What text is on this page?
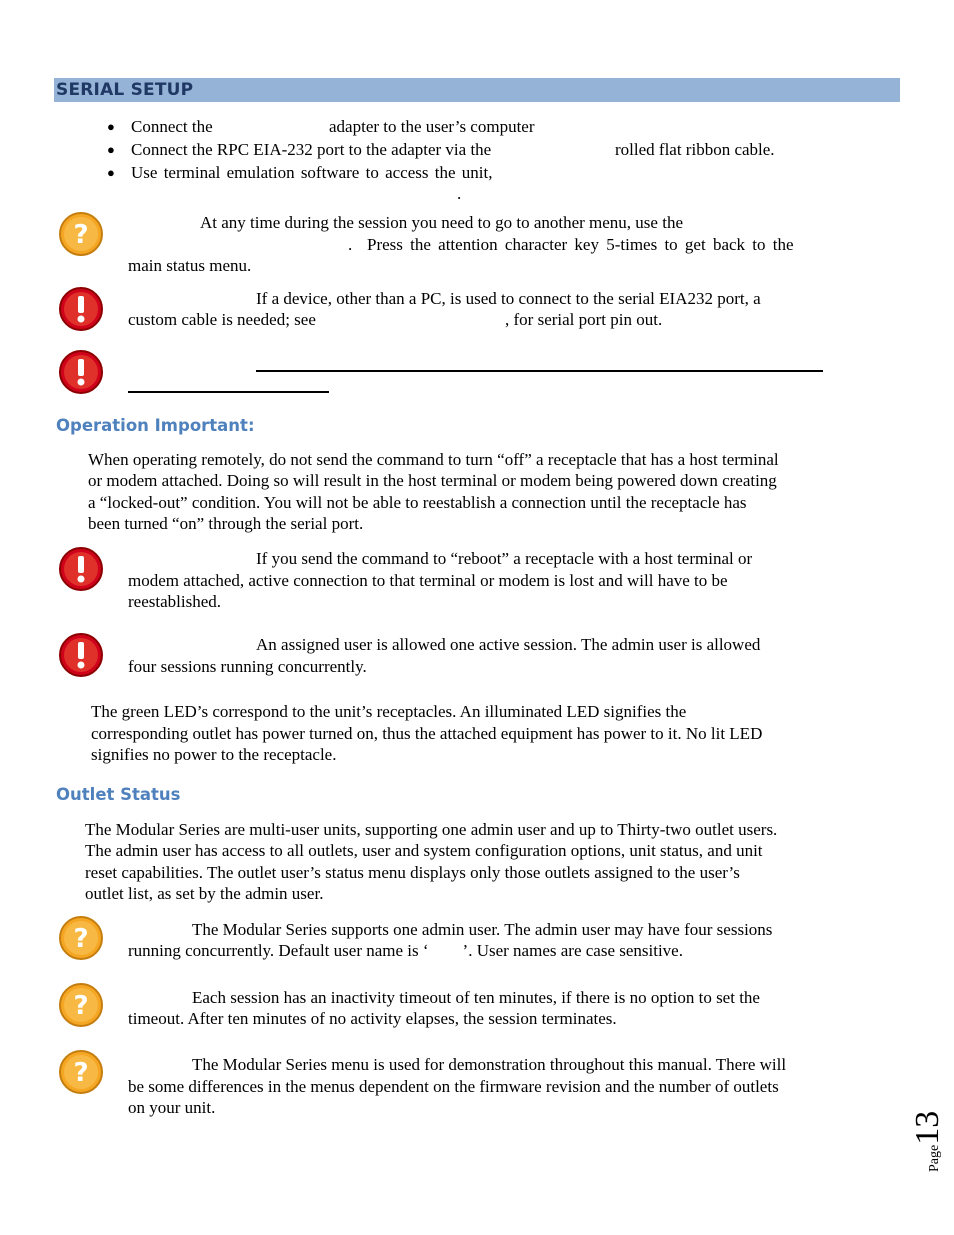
SERIAL SETUP
● Connect the	adapter to the user’s computer
● Connect the RPC EIA-232 port to the adapter via the	rolled flat ribbon cable.
● Use terminal emulation software to access the unit,
.
?	At any time during the session you need to go to another menu, use the
. Press the attention character key 5-times to get back to the
main status menu.
If a device, other than a PC, is used to connect to the serial EIA232 port, a
custom cable is needed; see	, for serial port pin out.
Operation Important:
When operating remotely, do not send the command to turn “off” a receptacle that has a host terminal
or modem attached. Doing so will result in the host terminal or modem being powered down creating
a “locked-out” condition. You will not be able to reestablish a connection until the receptacle has
been turned “on” through the serial port.
If you send the command to “reboot” a receptacle with a host terminal or
modem attached, active connection to that terminal or modem is lost and will have to be
reestablished.
An assigned user is allowed one active session. The admin user is allowed
four sessions running concurrently.
The green LED’s correspond to the unit’s receptacles. An illuminated LED signifies the
corresponding outlet has power turned on, thus the attached equipment has power to it. No lit LED
signifies no power to the receptacle.
Outlet Status
The Modular Series are multi-user units, supporting one admin user and up to Thirty-two outlet users.
The admin user has access to all outlets, user and system configuration options, unit status, and unit
reset capabilities. The outlet user’s status menu displays only those outlets assigned to the user’s
outlet list, as set by the admin user.
?	The Modular Series supports one admin user. The admin user may have four sessions
running concurrently. Default user name is ‘        ’. User names are case sensitive.
?	Each session has an inactivity timeout of ten minutes, if there is no option to set the
timeout. After ten minutes of no activity elapses, the session terminates.
?	The Modular Series menu is used for demonstration throughout this manual. There will
be some differences in the menus dependent on the firmware revision and the number of outlets
on your unit.
Page13
